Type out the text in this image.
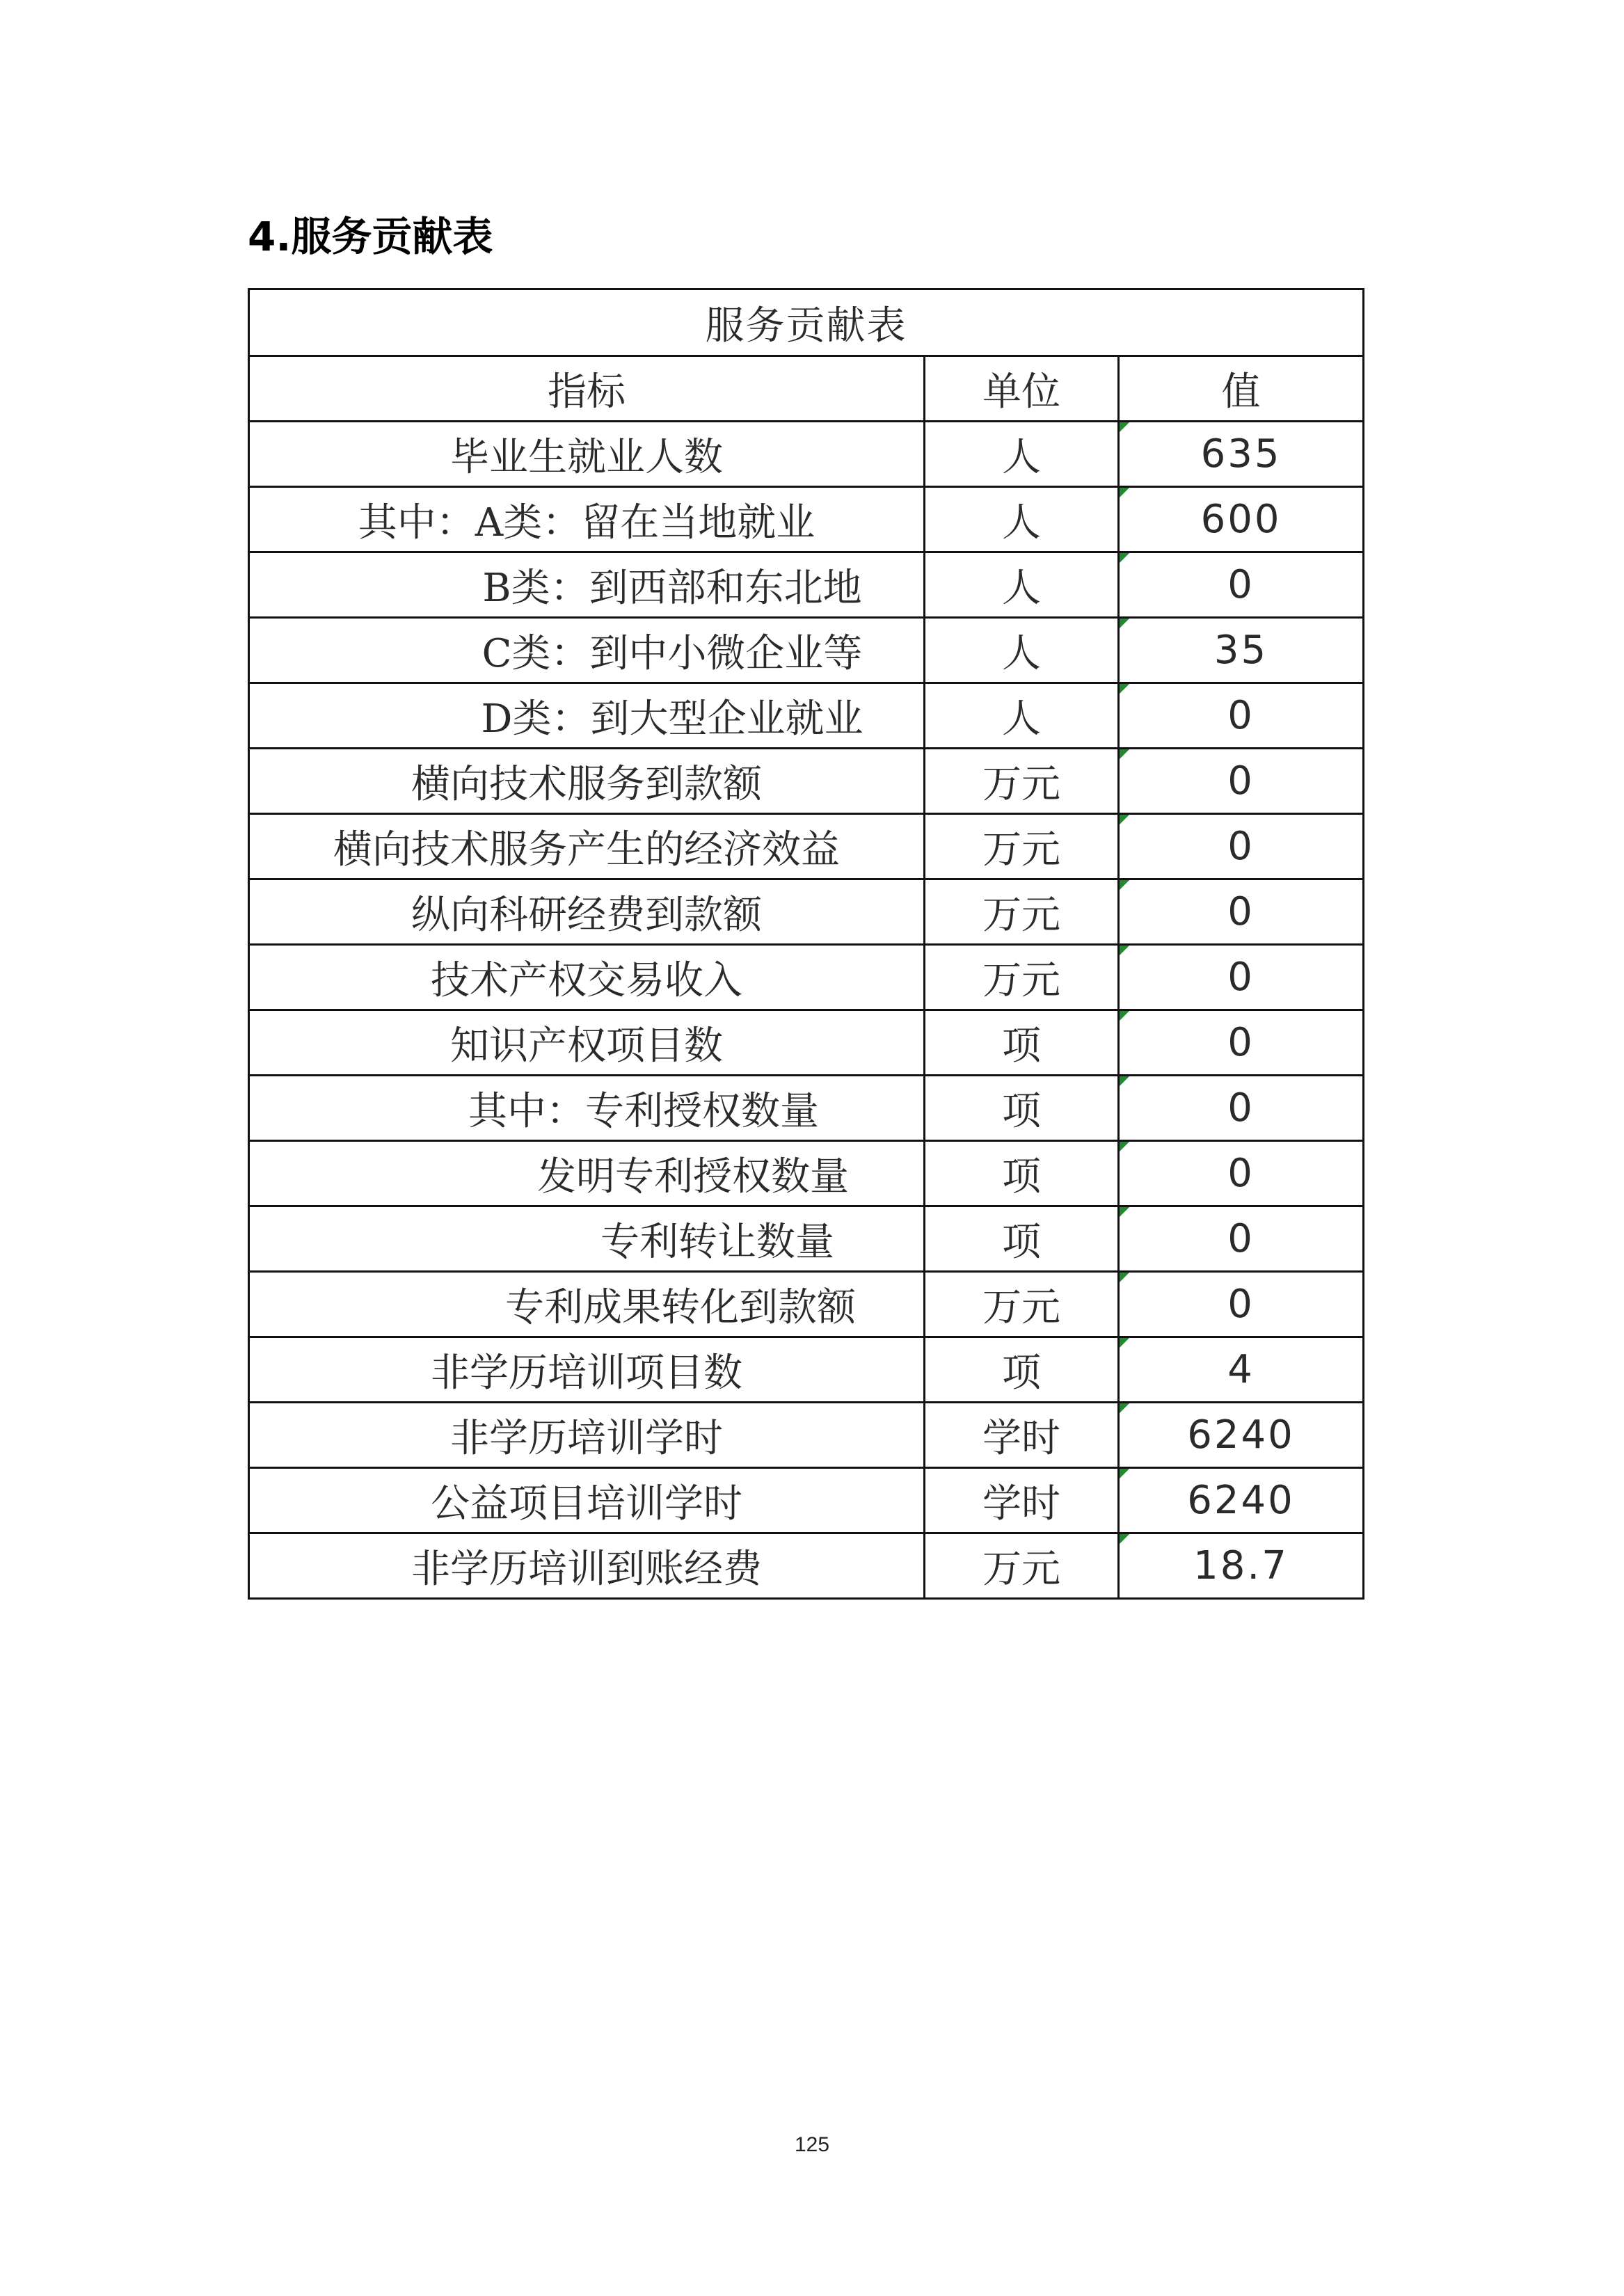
4.服务贡献表
服务贡献表		
指标	单位	值
毕业生就业人数	人	635
其中：A类：留在当地就业	人	600
B类：到西部和东北地	人	0
C类：到中小微企业等	人	35
D类：到大型企业就业	人	0
横向技术服务到款额	万元	0
横向技术服务产生的经济效益	万元	0
纵向科研经费到款额	万元	0
技术产权交易收入	万元	0
知识产权项目数	项	0
其中：专利授权数量	项	0
发明专利授权数量	项	0
专利转让数量	项	0
专利成果转化到款额	万元	0
非学历培训项目数	项	4
非学历培训学时	学时	6240
公益项目培训学时	学时	6240
非学历培训到账经费	万元	18.7
125
